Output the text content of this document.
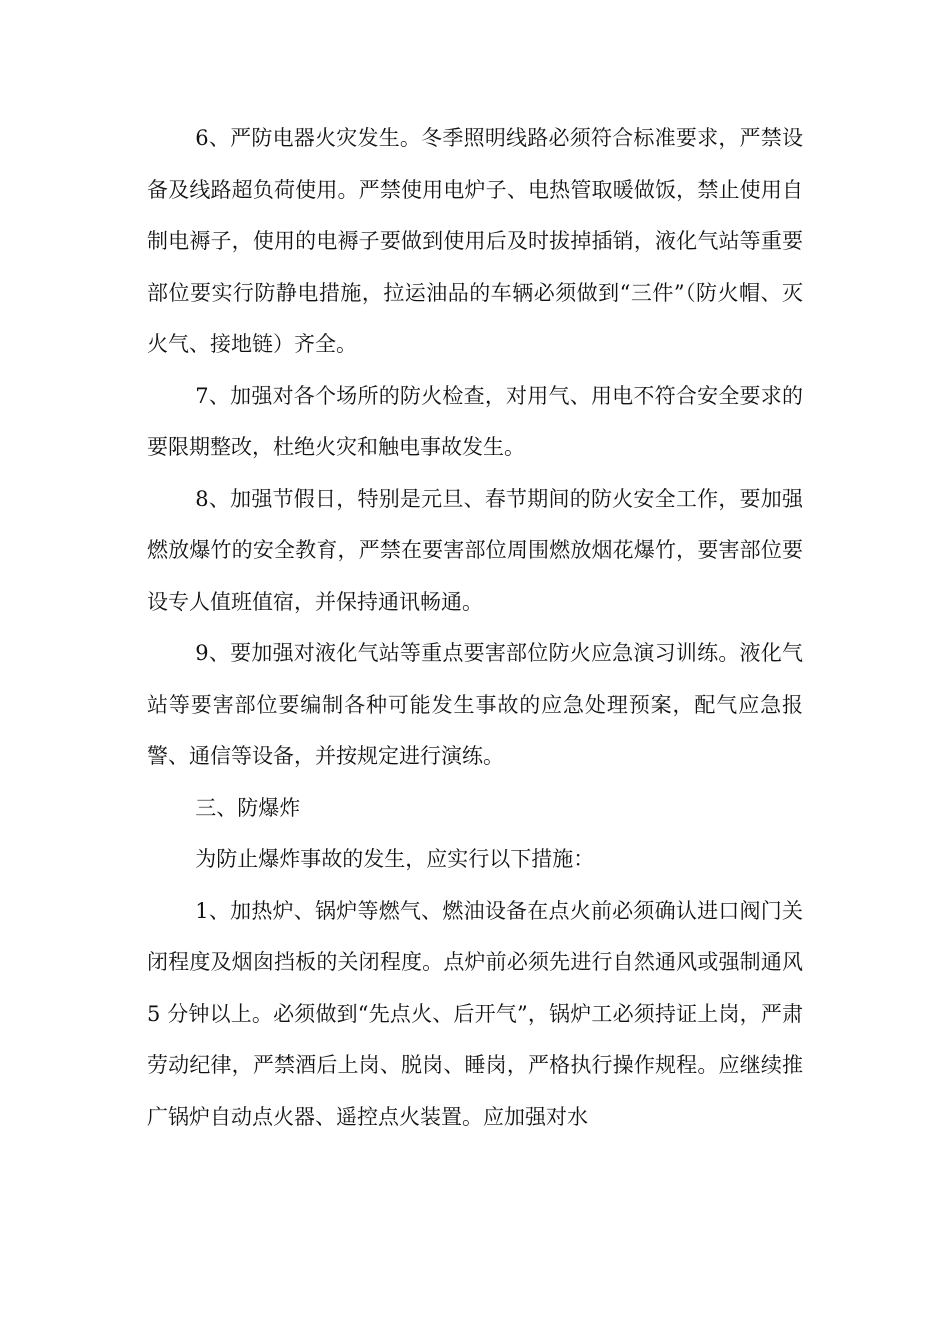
6、严防电器火灾发生。冬季照明线路必须符合标准要求，严禁设备及线路超负荷使用。严禁使用电炉子、电热管取暖做饭，禁止使用自制电褥子，使用的电褥子要做到使用后及时拔掉插销，液化气站等重要部位要实行防静电措施，拉运油品的车辆必须做到“三件”（防火帽、灭火气、接地链）齐全。

7、加强对各个场所的防火检查，对用气、用电不符合安全要求的要限期整改，杜绝火灾和触电事故发生。

8、加强节假日，特别是元旦、春节期间的防火安全工作，要加强燃放爆竹的安全教育，严禁在要害部位周围燃放烟花爆竹，要害部位要设专人值班值宿，并保持通讯畅通。

9、要加强对液化气站等重点要害部位防火应急演习训练。液化气站等要害部位要编制各种可能发生事故的应急处理预案，配气应急报警、通信等设备，并按规定进行演练。

三、防爆炸

为防止爆炸事故的发生，应实行以下措施：

1、加热炉、锅炉等燃气、燃油设备在点火前必须确认进口阀门关闭程度及烟囱挡板的关闭程度。点炉前必须先进行自然通风或强制通风 5 分钟以上。必须做到“先点火、后开气”，锅炉工必须持证上岗，严肃劳动纪律，严禁酒后上岗、脱岗、睡岗，严格执行操作规程。应继续推广锅炉自动点火器、遥控点火装置。应加强对水
